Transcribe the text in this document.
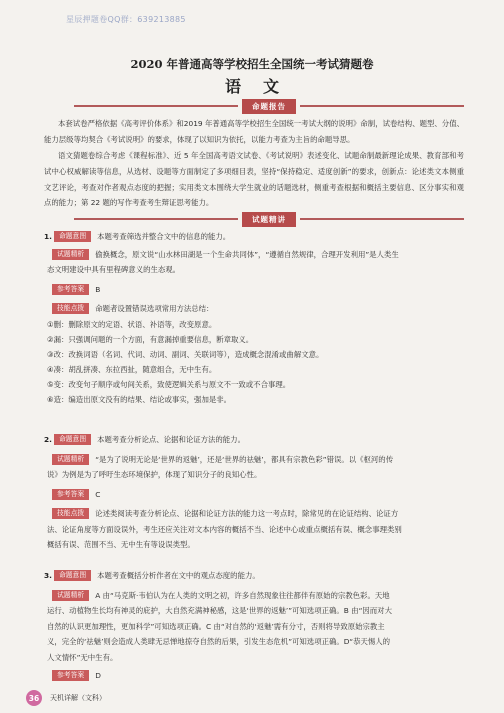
星辰押题卷QQ群：639213885
2020 年普通高等学校招生全国统一考试猜题卷
语文
命题报告
本套试卷严格依据《高考评价体系》和2019 年普通高等学校招生全国统一考试大纲的说明》命制，试卷结构、题型、分值、能力层级等均契合《考试说明》的要求，体现了以知识为依托，以能力考查为主旨的命题导思。
语文猜题卷综合考虑《课程标准》、近 5 年全国高考语文试卷、《考试说明》表述变化、试题命制最新理论成果、教育部和考试中心权威解读等信息，从选材、设题等方面制定了多项细目表，坚持“保持稳定、适度创新”的要求，创新点：论述类文本侧重文艺评论，考查对作者观点态度的把握；实用类文本围绕大学生就业的话题选材，侧重考查根据和概括主要信息、区分事实和观点的能力；第 22 题的写作考查考生辩证思考能力。
试题精讲
1.	命题意图	本题考查筛选并整合文中的信息的能力。
试题精析	偷换概念，原文说“山水林田湖是一个生命共同体”，“遵循自然规律，合理开发利用”是人类生
态文明建设中具有里程碑意义的生态观。
参考答案	B
技能点拨	命题者设置错误选项常用方法总结：
①删：删除原文的定语、状语、补语等，改变原意。
②漏：只强调问题的一个方面，有意漏掉重要信息，断章取义。
③改：改换词语（名词、代词、动词、副词、关联词等），造成概念混淆或曲解文意。
④凑：胡乱拼凑、东拉西扯，随意组合，无中生有。
⑤变：改变句子顺序或句间关系，致使逻辑关系与原文不一致或不合事理。
⑥造：编造出原文没有的结果、结论或事实，强加是非。
2.	命题意图	本题考查分析论点、论据和论证方法的能力。
试题精析	“是为了说明无论是‘世界的返魅’，还是‘世界的祛魅’，都具有宗教色彩”错误。以《枢河的传
说》为例是为了呼吁生态环境保护，体现了知识分子的良知心性。
参考答案	C
技能点拨	论述类阅读考查分析论点、论据和论证方法的能力这一考点时，除常见的在论证结构、论证方
法、论证角度等方面设误外，考生还应关注对文本内容的概括不当、论述中心或重点概括有误、概念事理类别
概括有误、范围不当、无中生有等设误类型。
3.	命题意图	本题考查概括分析作者在文中的观点态度的能力。
试题精析	A 由“马克斯·韦伯认为在人类的文明之初，许多自然现象往往都伴有原始的宗教色彩。天地
运行、动植物生长均有神灵的庇护，大自然充满神秘感，这是‘世界的返魅’”可知选项正确。B 由“因而对大
自然的认识更加理性，更加科学”可知选项正确。C 由“对自然的‘返魅’需有分寸，否则将导致原始宗教主
义，完全的‘祛魅’则会造成人类肆无忌惮地掠夺自然的后果，引发生态危机”可知选项正确。D“恭天惕人的
人文情怀”无中生有。
参考答案	D
36	天机详解（文科）
